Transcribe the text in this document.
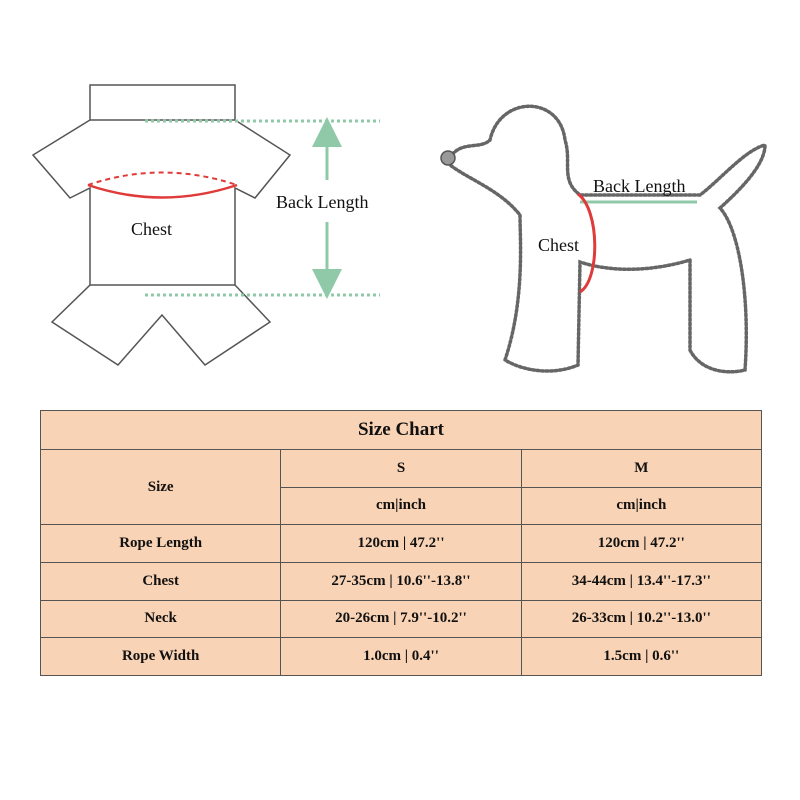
Chest
Back Length
Back Length
Chest
Size Chart		
Size	S	M
	cm|inch	cm|inch
Rope Length	120cm | 47.2''	120cm | 47.2''
Chest	27-35cm | 10.6''-13.8''	34-44cm | 13.4''-17.3''
Neck	20-26cm | 7.9''-10.2''	26-33cm | 10.2''-13.0''
Rope Width	1.0cm | 0.4''	1.5cm | 0.6''
